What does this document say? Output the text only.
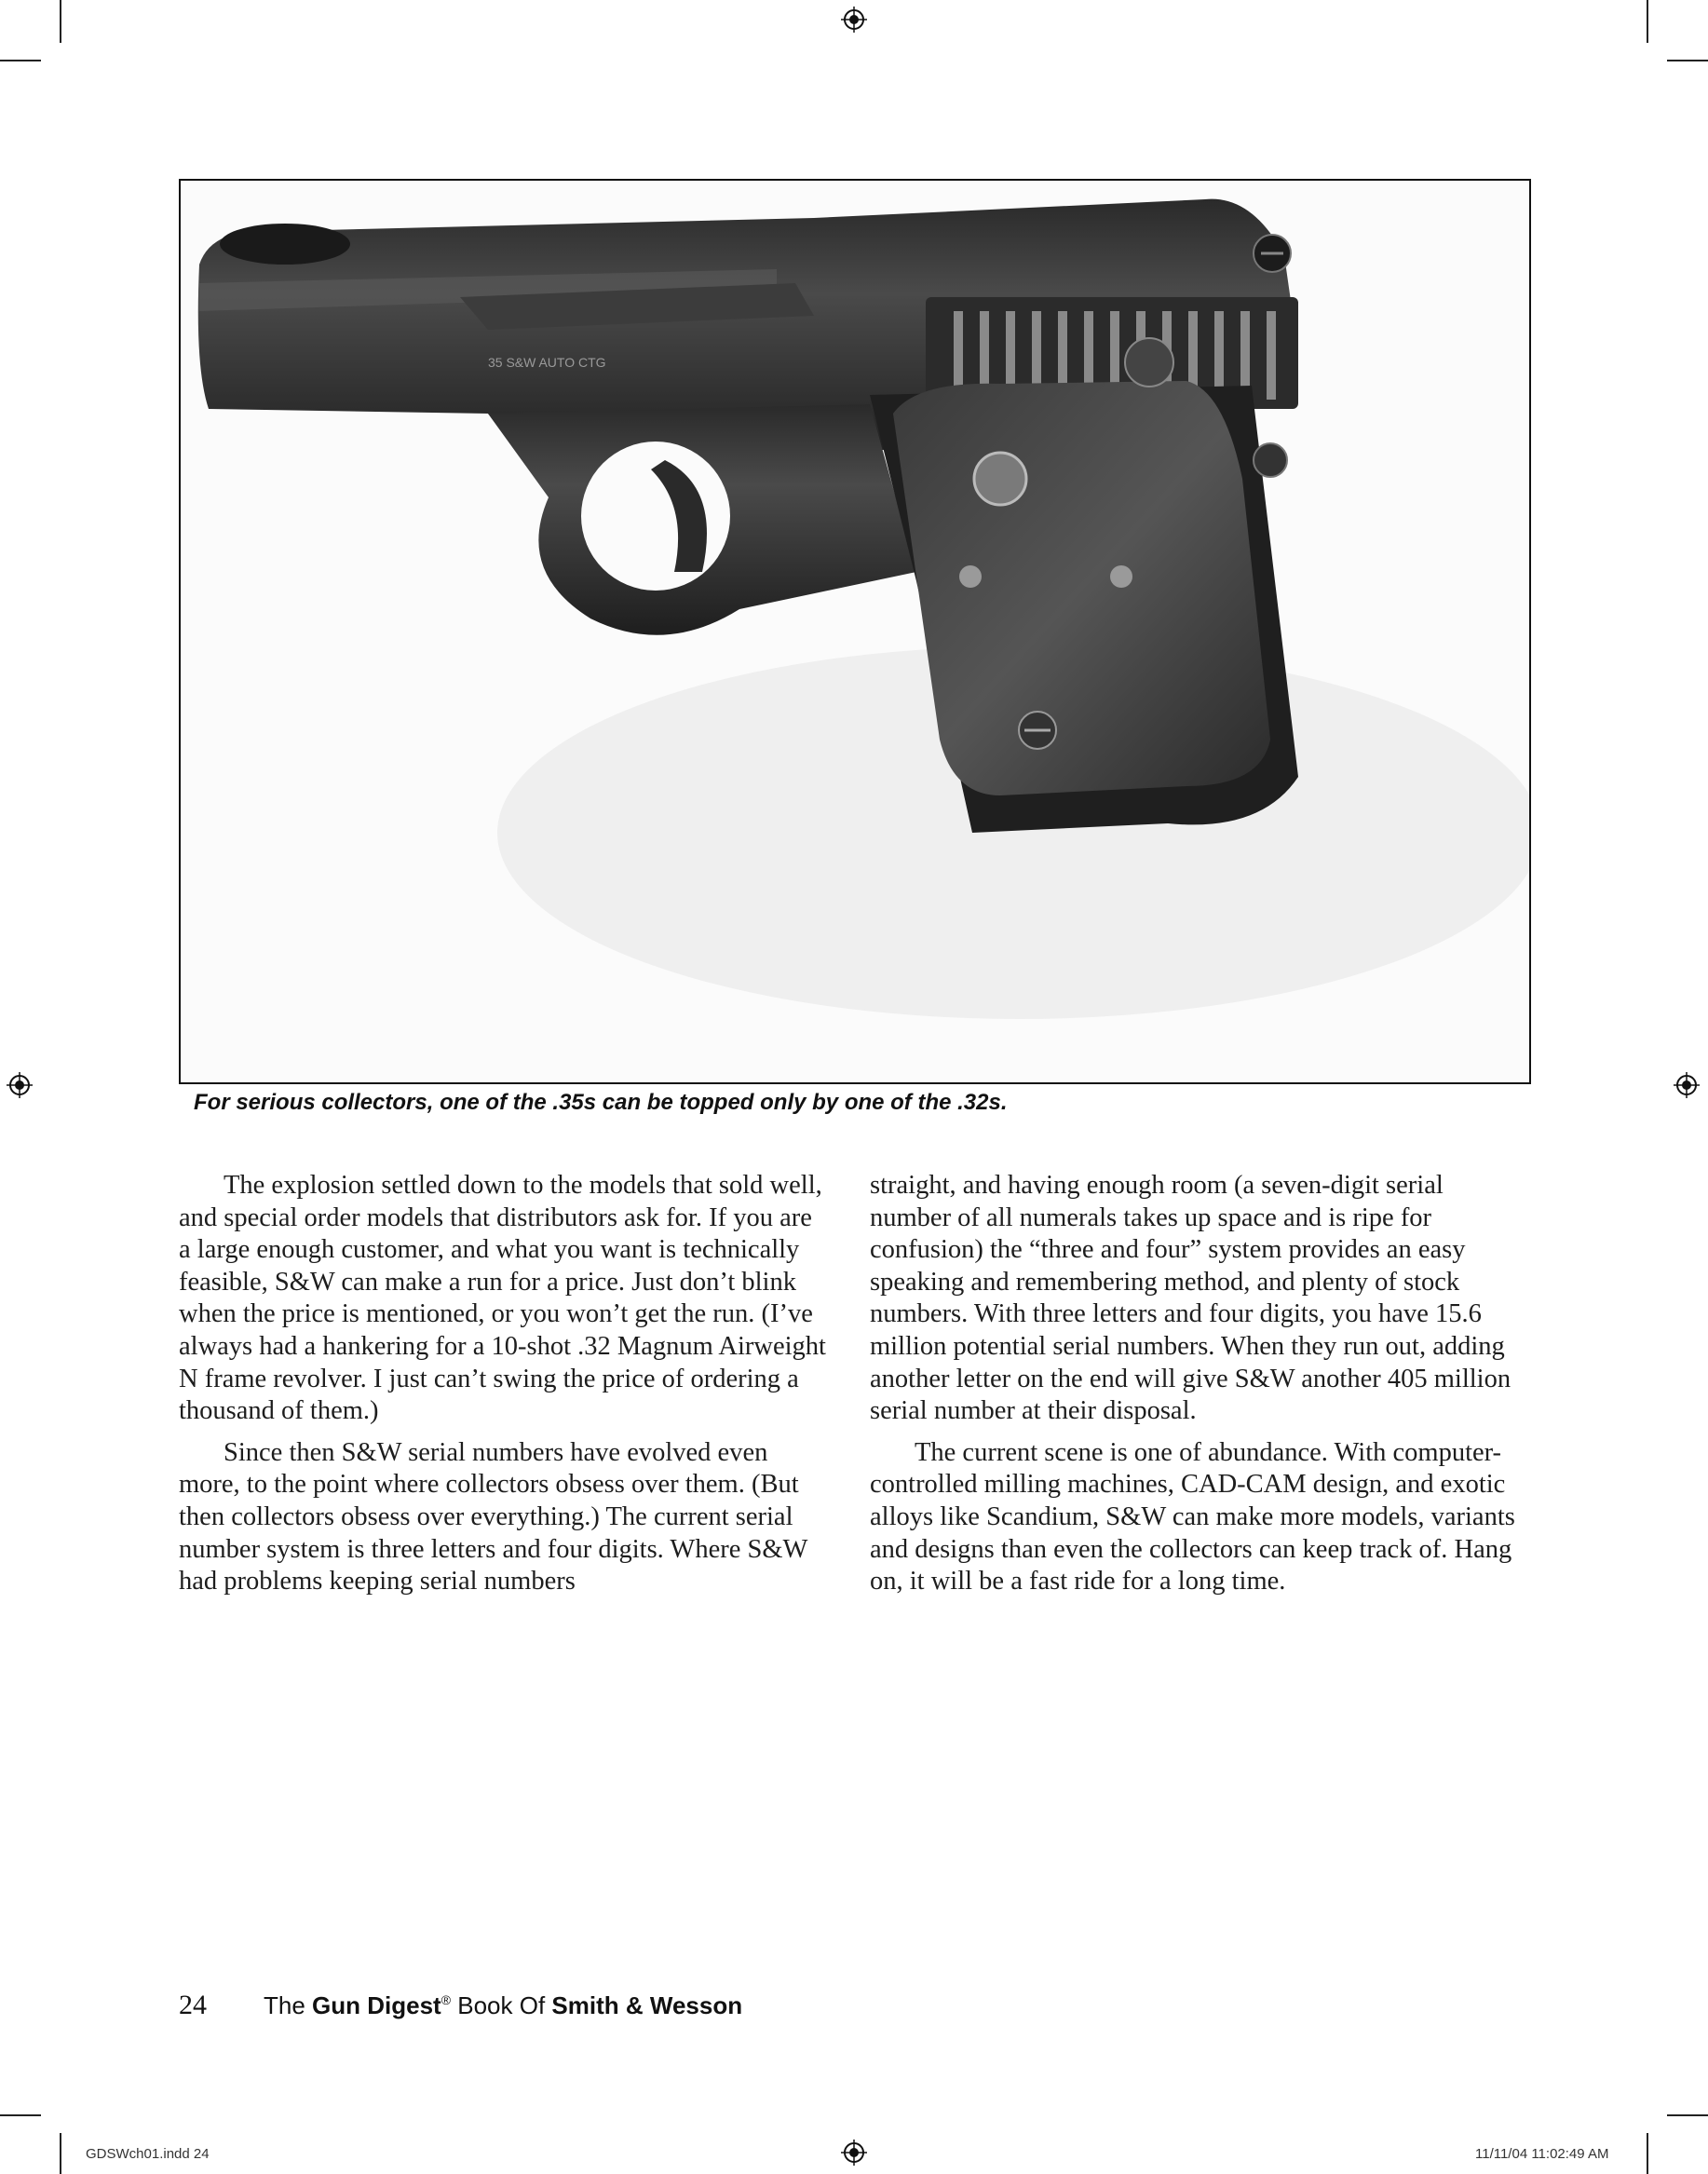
35 S&W AUTO CTG
For serious collectors, one of the .35s can be topped only by one of the .32s.

The explosion settled down to the models that sold well, and special order models that distributors ask for. If you are a large enough customer, and what you want is technically feasible, S&W can make a run for a price. Just don’t blink when the price is mentioned, or you won’t get the run. (I’ve always had a hankering for a 10-shot .32 Magnum Airweight N frame revolver. I just can’t swing the price of ordering a thousand of them.)

Since then S&W serial numbers have evolved even more, to the point where collectors obsess over them. (But then collectors obsess over everything.) The current serial number system is three letters and four digits. Where S&W had problems keeping serial numbers

straight, and having enough room (a seven-digit serial number of all numerals takes up space and is ripe for confusion) the “three and four” system provides an easy speaking and remembering method, and plenty of stock numbers. With three letters and four digits, you have 15.6 million potential serial numbers. When they run out, adding another letter on the end will give S&W another 405 million serial number at their disposal.

The current scene is one of abundance. With computer-controlled milling machines, CAD-CAM design, and exotic alloys like Scandium, S&W can make more models, variants and designs than even the collectors can keep track of. Hang on, it will be a fast ride for a long time.

24 The Gun Digest® Book Of Smith & Wesson
GDSWch01.indd 24	11/11/04 11:02:49 AM
